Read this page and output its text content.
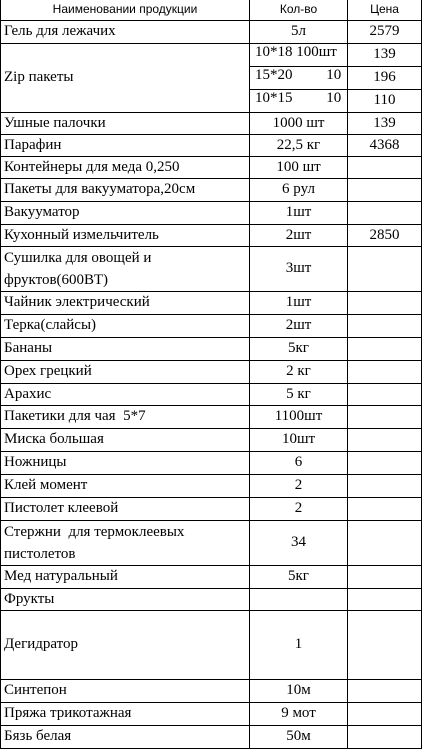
Наименовании продукции	Кол-во	Цена
Гель для лежачих	5л	2579
Zip пакеты	10*18 100шт	139
	15*20         10	196
	10*15         10	110
Ушные палочки	1000 шт	139
Парафин	22,5 кг	4368
Контейнеры для меда 0,250	100 шт	
Пакеты для вакууматора,20см	6 рул	
Вакууматор	1шт	
Кухонный измельчитель	2шт	2850
Сушилка для овощей и фруктов(600ВТ)	3шт	
Чайник электрический	1шт	
Терка(слайсы)	2шт	
Бананы	5кг	
Орех грецкий	2 кг	
Арахис	5 кг	
Пакетики для чая  5*7	1100шт	
Миска большая	10шт	
Ножницы	6	
Клей момент	2	
Пистолет клеевой	2	
Стержни  для термоклеевых пистолетов	34	
Мед натуральный	5кг	
Фрукты		
Дегидратор	1	
Синтепон	10м	
Пряжа трикотажная	9 мот	
Бязь белая	50м	
